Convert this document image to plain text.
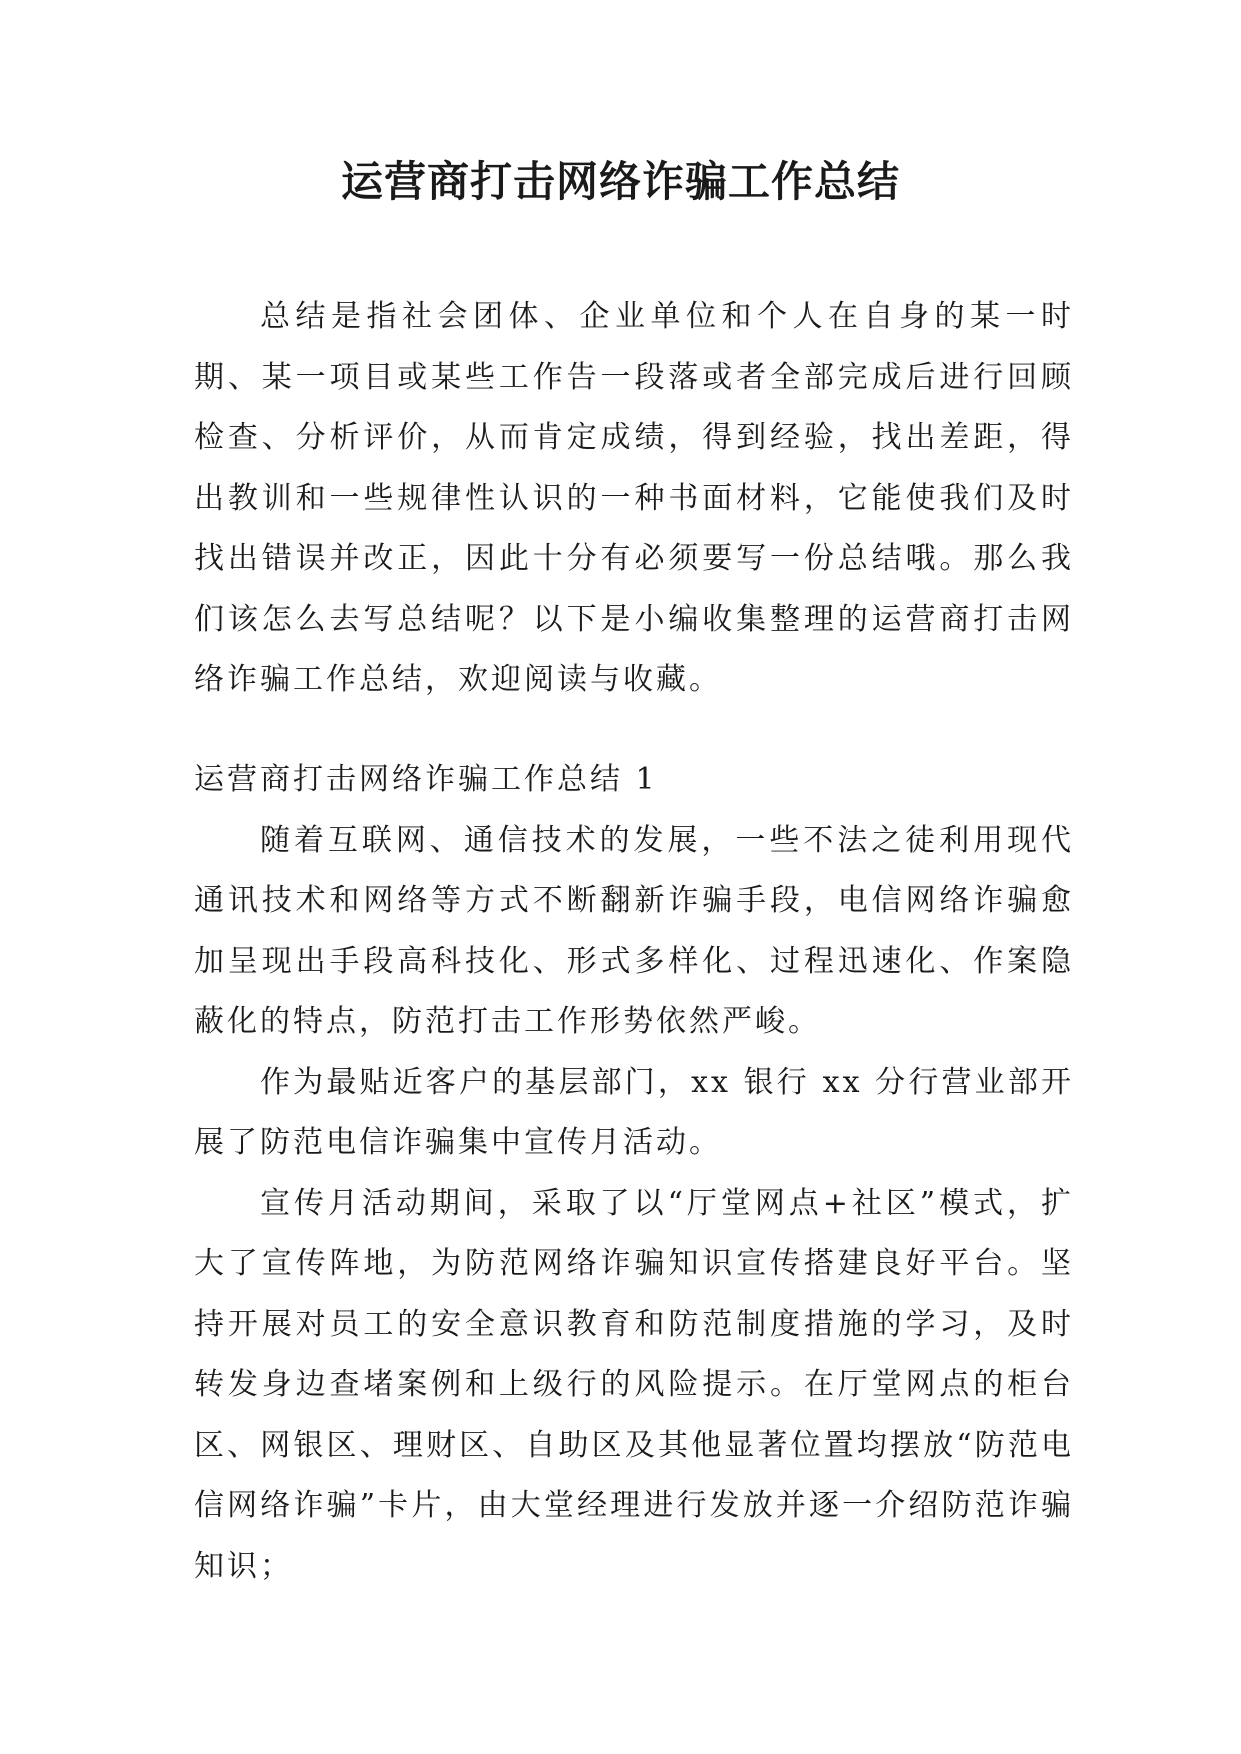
运营商打击网络诈骗工作总结

总结是指社会团体、企业单位和个人在自身的某一时期、某一项目或某些工作告一段落或者全部完成后进行回顾检查、分析评价，从而肯定成绩，得到经验，找出差距，得出教训和一些规律性认识的一种书面材料，它能使我们及时找出错误并改正，因此十分有必须要写一份总结哦。那么我们该怎么去写总结呢？以下是小编收集整理的运营商打击网络诈骗工作总结，欢迎阅读与收藏。

运营商打击网络诈骗工作总结 1

随着互联网、通信技术的发展，一些不法之徒利用现代通讯技术和网络等方式不断翻新诈骗手段，电信网络诈骗愈加呈现出手段高科技化、形式多样化、过程迅速化、作案隐蔽化的特点，防范打击工作形势依然严峻。

作为最贴近客户的基层部门，xx 银行 xx 分行营业部开展了防范电信诈骗集中宣传月活动。

宣传月活动期间，采取了以“厅堂网点+社区”模式，扩大了宣传阵地，为防范网络诈骗知识宣传搭建良好平台。坚持开展对员工的安全意识教育和防范制度措施的学习，及时转发身边查堵案例和上级行的风险提示。在厅堂网点的柜台区、网银区、理财区、自助区及其他显著位置均摆放“防范电信网络诈骗”卡片，由大堂经理进行发放并逐一介绍防范诈骗知识；
